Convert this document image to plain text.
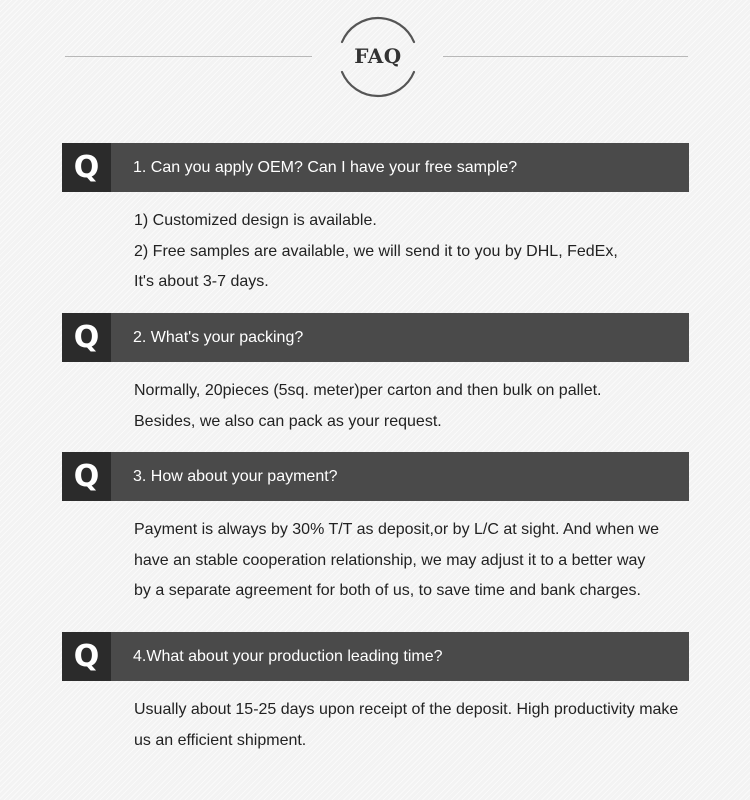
FAQ
Q	1. Can you apply OEM? Can I have your free sample?
1) Customized design is available.
2) Free samples are available, we will send it to you by DHL, FedEx,
It's about 3-7 days.
Q	2. What's your packing?
Normally, 20pieces (5sq. meter)per carton and then bulk on pallet.
Besides, we also can pack as your request.
Q	3. How about your payment?
Payment is always by 30% T/T as deposit,or by L/C at sight. And when we
have an stable cooperation relationship, we may adjust it to a better way
by a separate agreement for both of us, to save time and bank charges.
Q	4.What about your production leading time?
Usually about 15-25 days upon receipt of the deposit. High productivity make
us an efficient shipment.
